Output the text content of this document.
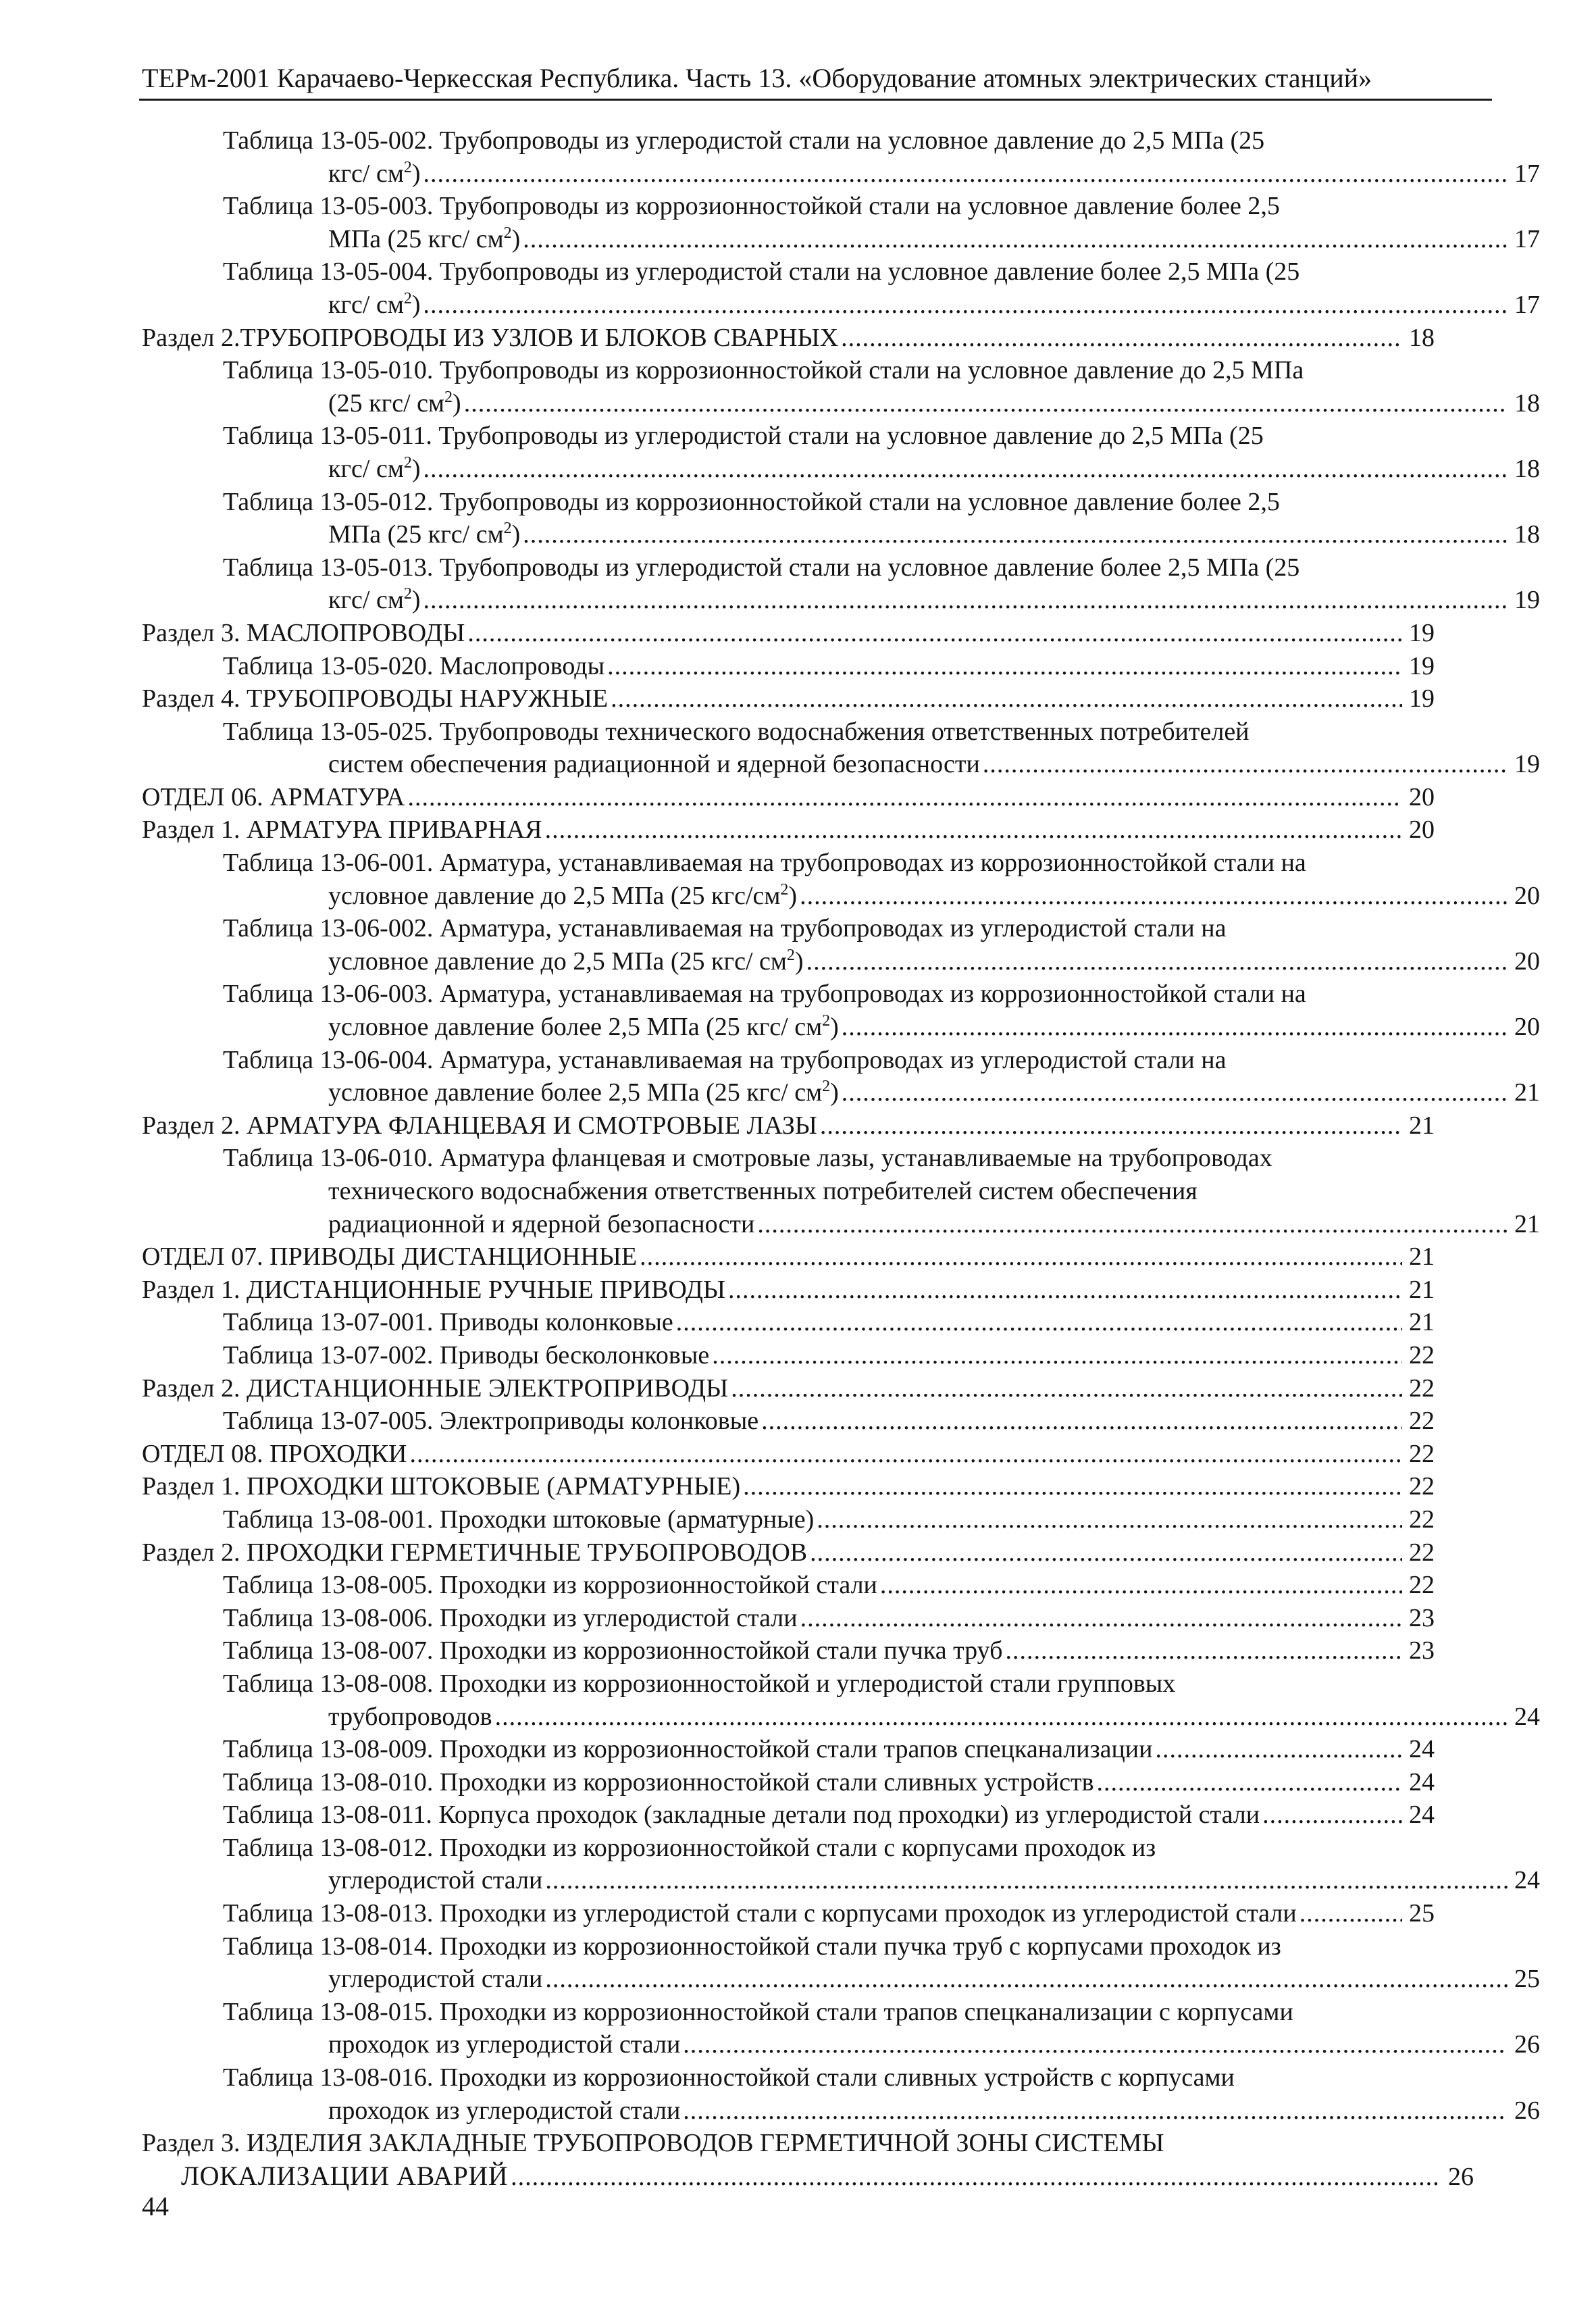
ТЕРм-2001 Карачаево-Черкесская Республика. Часть 13. «Оборудование атомных электрических станций»
Таблица 13-05-002. Трубопроводы из углеродистой стали на условное давление до 2,5 МПа (25
кгс/ $см^2$) .....	17
Таблица 13-05-003. Трубопроводы из коррозионностойкой стали на условное давление более 2,5
МПа (25 кгс/ $см^2$) .....	17
Таблица 13-05-004. Трубопроводы из углеродистой стали на условное давление более 2,5 МПа (25
кгс/ $см^2$) .....	17
Раздел 2.ТРУБОПРОВОДЫ ИЗ УЗЛОВ И БЛОКОВ СВАРНЫХ .....	18
Таблица 13-05-010. Трубопроводы из коррозионностойкой стали на условное давление до 2,5 МПа
(25 кгс/ $см^2$) .....	18
Таблица 13-05-011. Трубопроводы из углеродистой стали на условное давление до 2,5 МПа (25
кгс/ $см^2$) .....	18
Таблица 13-05-012. Трубопроводы из коррозионностойкой стали на условное давление более 2,5
МПа (25 кгс/ $см^2$) .....	18
Таблица 13-05-013. Трубопроводы из углеродистой стали на условное давление более 2,5 МПа (25
кгс/ $см^2$) .....	19
Раздел 3. МАСЛОПРОВОДЫ .....	19
Таблица 13-05-020. Маслопроводы .....	19
Раздел 4. ТРУБОПРОВОДЫ НАРУЖНЫЕ .....	19
Таблица 13-05-025. Трубопроводы технического водоснабжения ответственных потребителей
систем обеспечения радиационной и ядерной безопасности .....	19
ОТДЕЛ 06. АРМАТУРА .....	20
Раздел 1. АРМАТУРА ПРИВАРНАЯ .....	20
Таблица 13-06-001. Арматура, устанавливаемая на трубопроводах из коррозионностойкой стали на
условное давление до 2,5 МПа (25 кгс/$см^2$) .....	20
Таблица 13-06-002. Арматура, устанавливаемая на трубопроводах из углеродистой стали на
условное давление до 2,5 МПа (25 кгс/ $см^2$) .....	20
Таблица 13-06-003. Арматура, устанавливаемая на трубопроводах из коррозионностойкой стали на
условное давление более 2,5 МПа (25 кгс/ $см^2$) .....	20
Таблица 13-06-004. Арматура, устанавливаемая на трубопроводах из углеродистой стали на
условное давление более 2,5 МПа (25 кгс/ $см^2$) .....	21
Раздел 2. АРМАТУРА ФЛАНЦЕВАЯ И СМОТРОВЫЕ ЛАЗЫ .....	21
Таблица 13-06-010. Арматура фланцевая и смотровые лазы, устанавливаемые на трубопроводах
технического водоснабжения ответственных потребителей систем обеспечения
радиационной и ядерной безопасности .....	21
ОТДЕЛ 07. ПРИВОДЫ ДИСТАНЦИОННЫЕ .....	21
Раздел 1. ДИСТАНЦИОННЫЕ РУЧНЫЕ ПРИВОДЫ .....	21
Таблица 13-07-001. Приводы колонковые .....	21
Таблица 13-07-002. Приводы бесколонковые .....	22
Раздел 2. ДИСТАНЦИОННЫЕ ЭЛЕКТРОПРИВОДЫ .....	22
Таблица 13-07-005. Электроприводы колонковые .....	22
ОТДЕЛ 08. ПРОХОДКИ .....	22
Раздел 1. ПРОХОДКИ ШТОКОВЫЕ (АРМАТУРНЫЕ) .....	22
Таблица 13-08-001. Проходки штоковые (арматурные) .....	22
Раздел 2. ПРОХОДКИ ГЕРМЕТИЧНЫЕ ТРУБОПРОВОДОВ .....	22
Таблица 13-08-005. Проходки из коррозионностойкой стали .....	22
Таблица 13-08-006. Проходки из углеродистой стали .....	23
Таблица 13-08-007. Проходки из коррозионностойкой стали пучка труб .....	23
Таблица 13-08-008. Проходки из коррозионностойкой и углеродистой стали групповых
трубопроводов .....	24
Таблица 13-08-009. Проходки из коррозионностойкой стали трапов спецканализации .....	24
Таблица 13-08-010. Проходки из коррозионностойкой стали сливных устройств .....	24
Таблица 13-08-011. Корпуса проходок (закладные детали под проходки) из углеродистой стали .....	24
Таблица 13-08-012. Проходки из коррозионностойкой стали с корпусами проходок из
углеродистой стали .....	24
Таблица 13-08-013. Проходки из углеродистой стали с корпусами проходок из углеродистой стали .....	25
Таблица 13-08-014. Проходки из коррозионностойкой стали пучка труб с корпусами проходок из
углеродистой стали .....	25
Таблица 13-08-015. Проходки из коррозионностойкой стали трапов спецканализации с корпусами
проходок из углеродистой стали .....	26
Таблица 13-08-016. Проходки из коррозионностойкой стали сливных устройств с корпусами
проходок из углеродистой стали .....	26
Раздел 3. ИЗДЕЛИЯ ЗАКЛАДНЫЕ ТРУБОПРОВОДОВ ГЕРМЕТИЧНОЙ ЗОНЫ СИСТЕМЫ
ЛОКАЛИЗАЦИИ АВАРИЙ .....	26
44
